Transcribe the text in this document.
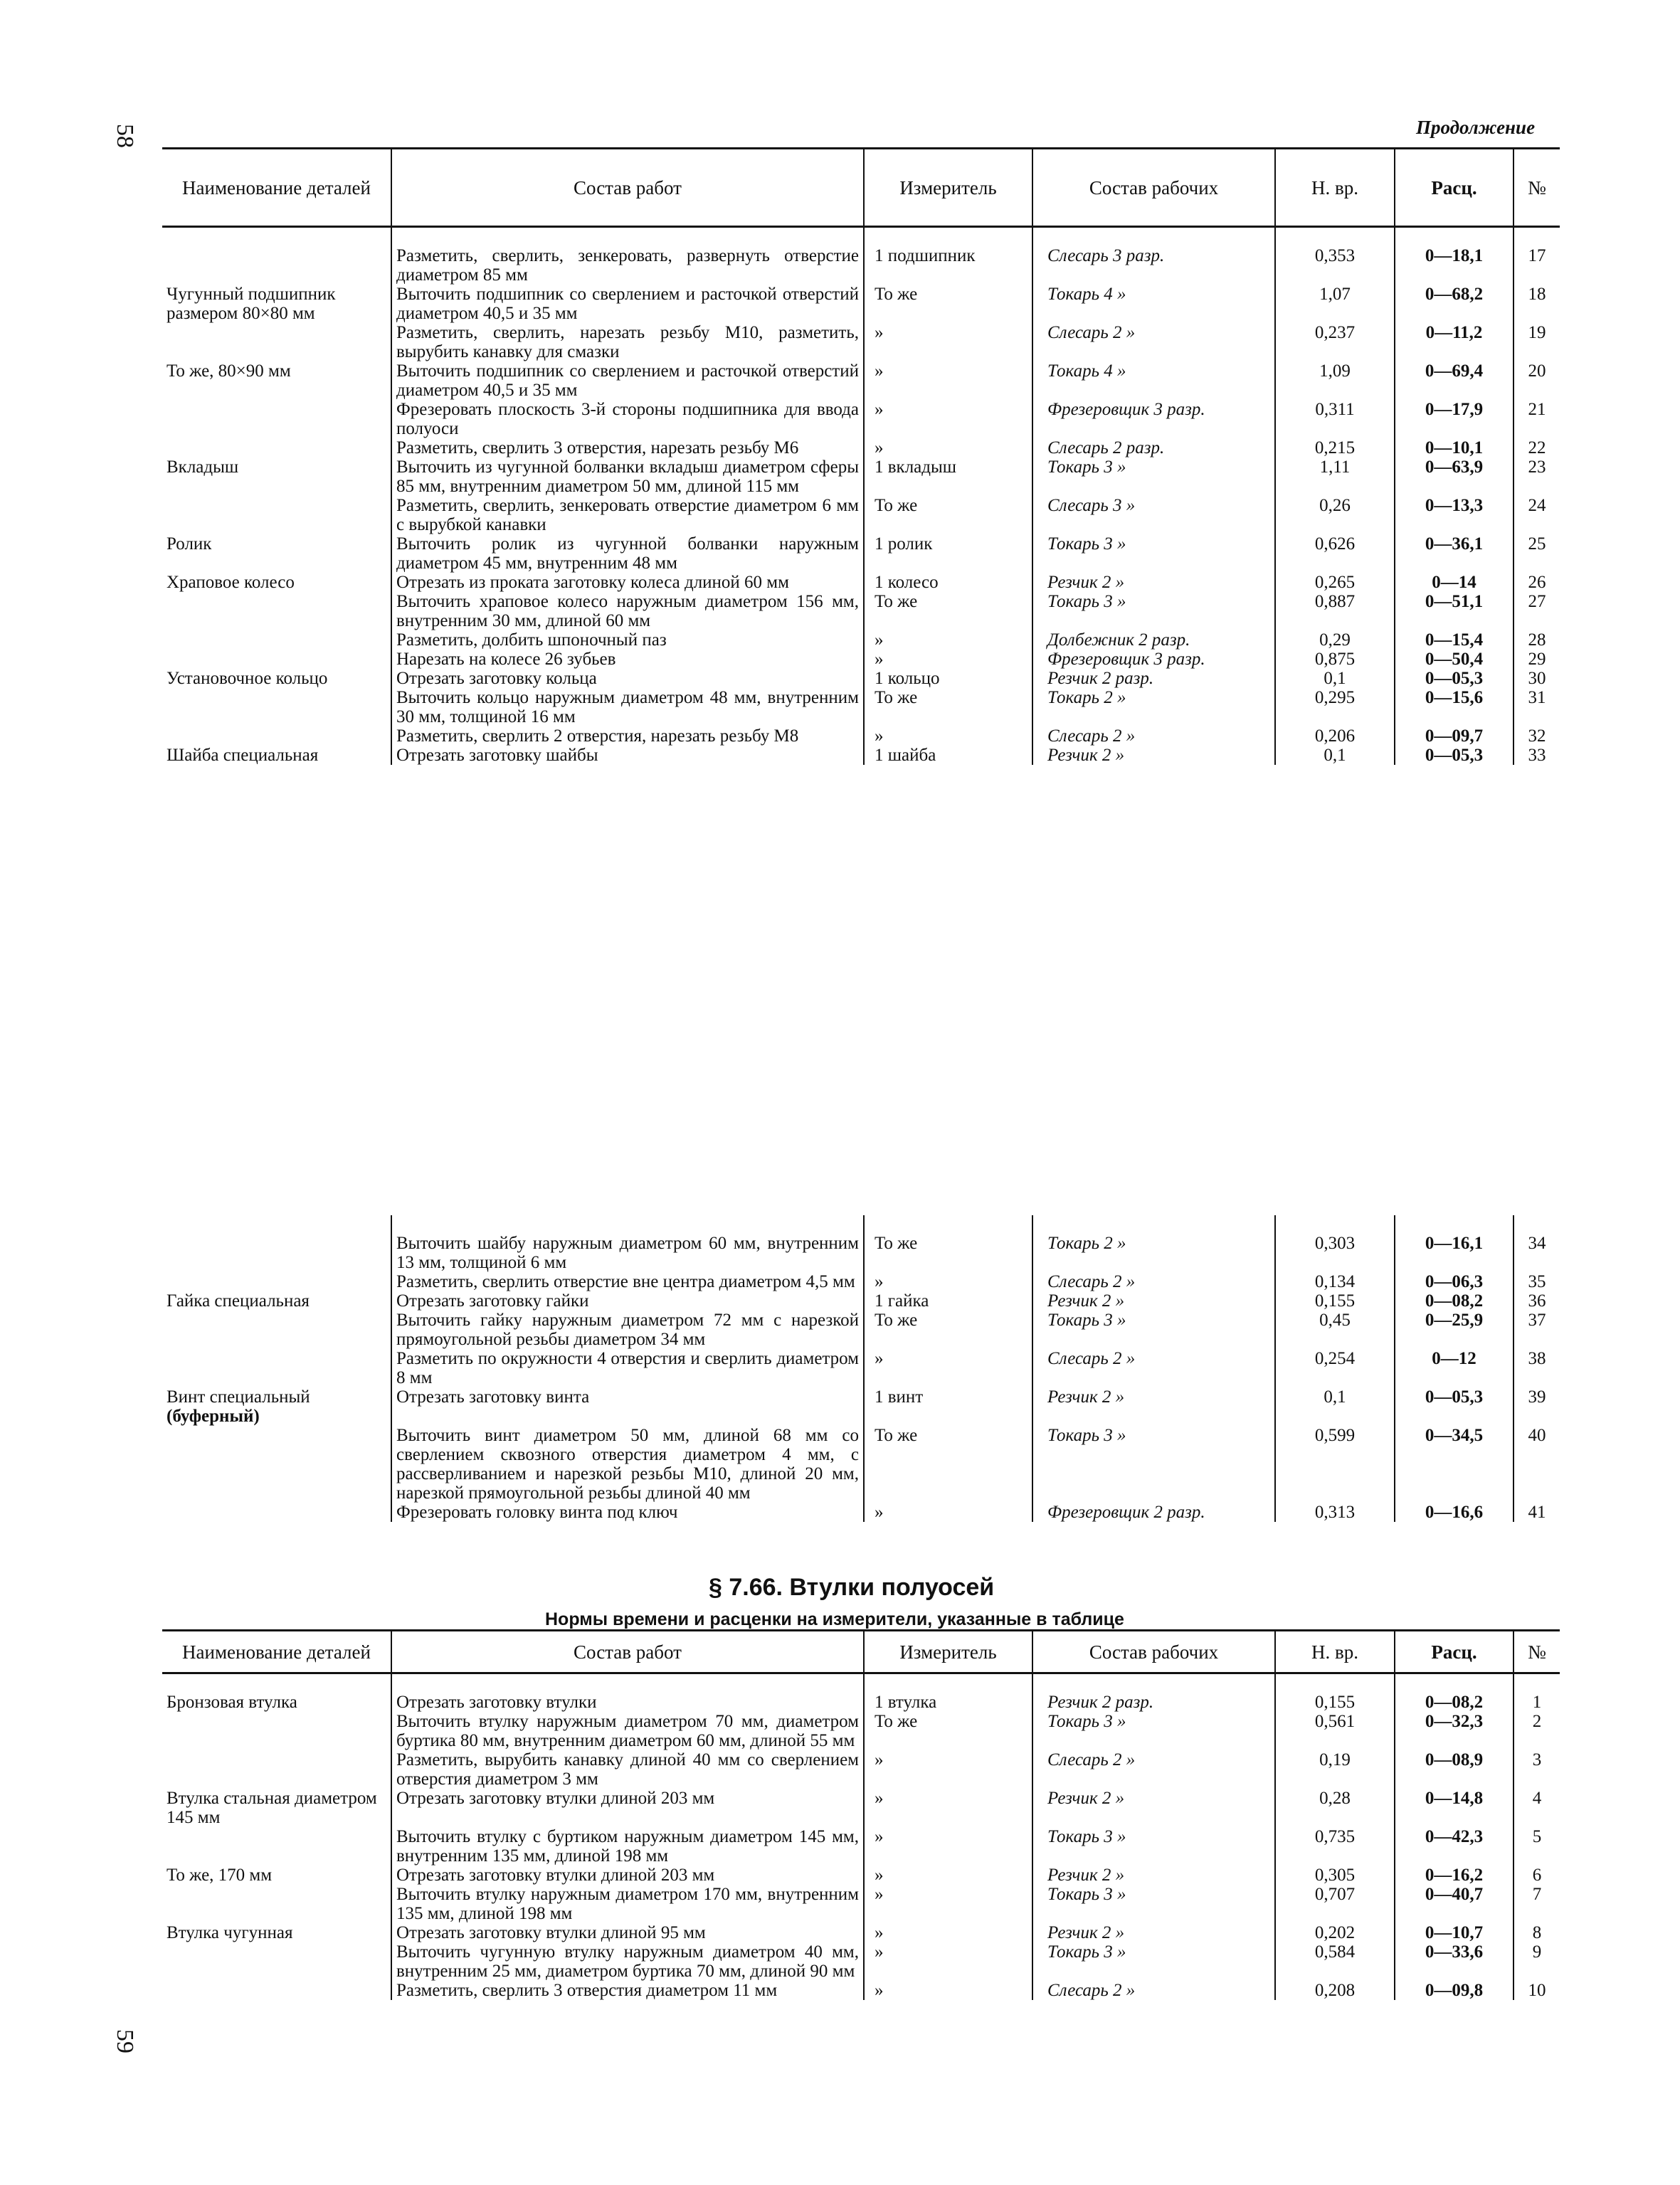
58
59
Продолжение
Наименование деталей	Состав работ	Измеритель	Состав рабочих	Н. вр.	Расц.	№
	Разметить, сверлить, зенкеровать, развернуть отверстие диаметром 85 мм	1 подшипник	Слесарь 3 разр.	0,353	0—18,1	17
Чугунный подшипник размером 80×80 мм	Выточить подшипник со сверлением и расточкой отверстий диаметром 40,5 и 35 мм	То же	Токарь 4 »	1,07	0—68,2	18
	Разметить, сверлить, нарезать резьбу M10, разметить, вырубить канавку для смазки	»	Слесарь 2 »	0,237	0—11,2	19
То же, 80×90 мм	Выточить подшипник со сверлением и расточкой отверстий диаметром 40,5 и 35 мм	»	Токарь 4 »	1,09	0—69,4	20
	Фрезеровать плоскость 3-й стороны подшипника для ввода полуоси	»	Фрезеровщик 3 разр.	0,311	0—17,9	21
	Разметить, сверлить 3 отверстия, нарезать резьбу M6	»	Слесарь 2 разр.	0,215	0—10,1	22
Вкладыш	Выточить из чугунной болванки вкладыш диаметром сферы 85 мм, внутренним диаметром 50 мм, длиной 115 мм	1 вкладыш	Токарь 3 »	1,11	0—63,9	23
	Разметить, сверлить, зенкеровать отверстие диаметром 6 мм с вырубкой канавки	То же	Слесарь 3 »	0,26	0—13,3	24
Ролик	Выточить ролик из чугунной болванки наружным диаметром 45 мм, внутренним 48 мм	1 ролик	Токарь 3 »	0,626	0—36,1	25
Храповое колесо	Отрезать из проката заготовку колеса длиной 60 мм	1 колесо	Резчик 2 »	0,265	0—14	26
	Выточить храповое колесо наружным диаметром 156 мм, внутренним 30 мм, длиной 60 мм	То же	Токарь 3 »	0,887	0—51,1	27
	Разметить, долбить шпоночный паз	»	Долбежник 2 разр.	0,29	0—15,4	28
	Нарезать на колесе 26 зубьев	»	Фрезеровщик 3 разр.	0,875	0—50,4	29
Установочное кольцо	Отрезать заготовку кольца	1 кольцо	Резчик 2 разр.	0,1	0—05,3	30
	Выточить кольцо наружным диаметром 48 мм, внутренним 30 мм, толщиной 16 мм	То же	Токарь 2 »	0,295	0—15,6	31
	Разметить, сверлить 2 отверстия, нарезать резьбу M8	»	Слесарь 2 »	0,206	0—09,7	32
Шайба специальная	Отрезать заготовку шайбы	1 шайба	Резчик 2 »	0,1	0—05,3	33
	Выточить шайбу наружным диаметром 60 мм, внутренним 13 мм, толщиной 6 мм	То же	Токарь 2 »	0,303	0—16,1	34
	Разметить, сверлить отверстие вне центра диаметром 4,5 мм	»	Слесарь 2 »	0,134	0—06,3	35
Гайка специальная	Отрезать заготовку гайки	1 гайка	Резчик 2 »	0,155	0—08,2	36
	Выточить гайку наружным диаметром 72 мм с нарезкой прямоугольной резьбы диаметром 34 мм	То же	Токарь 3 »	0,45	0—25,9	37
	Разметить по окружности 4 отверстия и сверлить диаметром 8 мм	»	Слесарь 2 »	0,254	0—12	38

Винт специальный
(буферный)	Отрезать заготовку винта	1 винт	Резчик 2 »	0,1	0—05,3	39
	Выточить винт диаметром 50 мм, длиной 68 мм со сверлением сквозного отверстия диаметром 4 мм, с рассверливанием и нарезкой резьбы M10, длиной 20 мм, нарезкой прямоугольной резьбы длиной 40 мм	То же	Токарь 3 »	0,599	0—34,5	40
	Фрезеровать головку винта под ключ	»	Фрезеровщик 2 разр.	0,313	0—16,6	41
§ 7.66. Втулки полуосей
Нормы времени и расценки на измерители, указанные в таблице
Наименование деталей	Состав работ	Измеритель	Состав рабочих	Н. вр.	Расц.	№
Бронзовая втулка	Отрезать заготовку втулки	1 втулка	Резчик 2 разр.	0,155	0—08,2	1
	Выточить втулку наружным диаметром 70 мм, диаметром буртика 80 мм, внутренним диаметром 60 мм, длиной 55 мм	То же	Токарь 3 »	0,561	0—32,3	2
	Разметить, вырубить канавку длиной 40 мм со сверлением отверстия диаметром 3 мм	»	Слесарь 2 »	0,19	0—08,9	3
Втулка стальная диаметром 145 мм	Отрезать заготовку втулки длиной 203 мм	»	Резчик 2 »	0,28	0—14,8	4
	Выточить втулку с буртиком наружным диаметром 145 мм, внутренним 135 мм, длиной 198 мм	»	Токарь 3 »	0,735	0—42,3	5
То же, 170 мм	Отрезать заготовку втулки длиной 203 мм	»	Резчик 2 »	0,305	0—16,2	6
	Выточить втулку наружным диаметром 170 мм, внутренним 135 мм, длиной 198 мм	»	Токарь 3 »	0,707	0—40,7	7
Втулка чугунная	Отрезать заготовку втулки длиной 95 мм	»	Резчик 2 »	0,202	0—10,7	8
	Выточить чугунную втулку наружным диаметром 40 мм, внутренним 25 мм, диаметром буртика 70 мм, длиной 90 мм	»	Токарь 3 »	0,584	0—33,6	9
	Разметить, сверлить 3 отверстия диаметром 11 мм	»	Слесарь 2 »	0,208	0—09,8	10
